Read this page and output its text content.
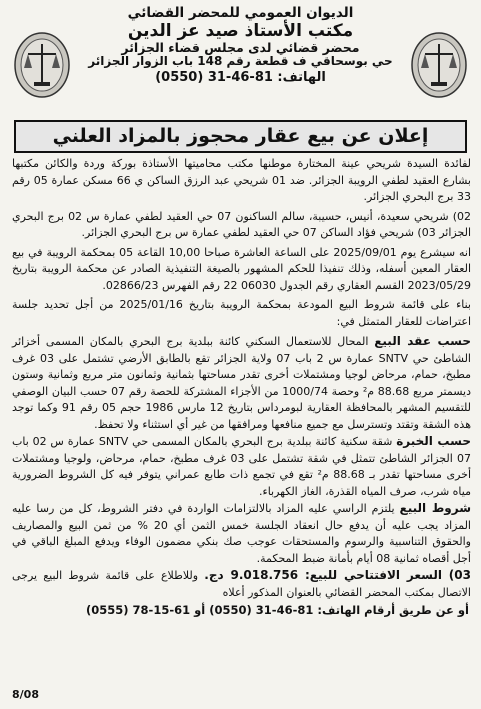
الديوان العمومي للمحضر القضائي
مكتب الأستاذ صيد عز الدين
محضر قضائي لدى مجلس قضاء الجزائر
حي بوسحاقي ف قطعة رقم 148 باب الزوار الجزائر
الهاتف: 81-46-31 (0550)
إعلان عن بيع عقار محجوز بالمزاد العلني

لفائدة السيدة شريحي عينة المختارة موطنها مكتب محاميتها الأستاذة بوركة وردة والكائن مكتبها بشارع العقيد لطفي الرويبة الجزائر. ضد 01 شريحي عبد الرزق الساكن ي 66 مسكن عمارة 05 رقم 33 برج البحري الجزائر.

02) شريحي سعيدة، أنيس، حسيبة، سالم الساكنون 07 حي العقيد لطفي عمارة س 02 برج البحري الجزائر 03) شريحي فؤاد الساكن 07 حي العقيد لطفي عمارة س برج البحري الجزائر.

انه سيشرع يوم 2025/09/01 على الساعة العاشرة صباحا 10,00 القاعة 05 بمحكمة الرويبة في بيع العقار المعين أسفله، وذلك تنفيذا للحكم المشهور بالصيغة التنفيذية الصادر عن محكمة الرويبة بتاريخ 2023/05/29 القسم العقاري رقم الجدول 06030 22 رقم الفهرس 02866/23.

بناء على قائمة شروط البيع المودعة بمحكمة الرويبة بتاريخ 2025/01/16 من أجل تحديد جلسة اعتراضات للعقار المتمثل في:

حسب عقد البيع المحال للاستعمال السكني كائنة ببلدية برج البحري بالمكان المسمى أخزائر الشاطئ حي SNTV عمارة س 2 باب 07 ولاية الجزائر تقع بالطابق الأرضي تشتمل على 03 غرف مطبخ، حمام، مرحاض لوجيا ومشتملات أخرى تقدر مساحتها بثمانية وثمانون متر مربع وثمانية وستون ديسمتر مربع 88.68 م² وحصة 1000/74 من الأجزاء المشتركة للحصة رقم 07 حسب البيان الوصفي للتقسيم المشهر بالمحافظة العقارية لبومرداس بتاريخ 12 مارس 1986 حجم 05 رقم 91 وكما توجد هذه الشقة وتقتد وتسترسل مع جميع منافعها ومرافقها من غير أي استثناء ولا تحفظ.

حسب الخبرة شقة سكنية كائنة ببلدية برج البحري بالمكان المسمى حي SNTV عمارة س 02 باب 07 الجزائر الشاطئ تتمثل في شقة تشتمل على 03 غرف مطبخ، حمام، مرحاض، ولوجيا ومشتملات أخرى مساحتها تقدر بـ 88.68 م² تقع في تجمع ذات طابع عمراني يتوفر فيه كل الشروط الضرورية مياه شرب، صرف المياه القذرة، الغاز الكهرباء.

شروط البيع يلتزم الراسي عليه المزاد بالالتزامات الواردة في دفتر الشروط، كل من رسا عليه المزاد يجب عليه أن يدفع حال انعقاد الجلسة خمس الثمن أي 20 % من ثمن البيع والمصاريف والحقوق التناسبية والرسوم والمستحقات عوجب صك بنكي مضمون الوفاء ويدفع المبلغ الباقي في أجل أقصاه ثمانية 08 أيام بأمانة ضبط المحكمة.

03) السعر الافتتاحي للبيع: 9.018.756 دج. وللاطلاع على قائمة شروط البيع يرجى الاتصال بمكتب المحضر القضائي بالعنوان المذكور أعلاه

أو عن طريق أرقام الهاتف: 81-46-31 (0550) أو 61-15-78 (0555)
8/08
